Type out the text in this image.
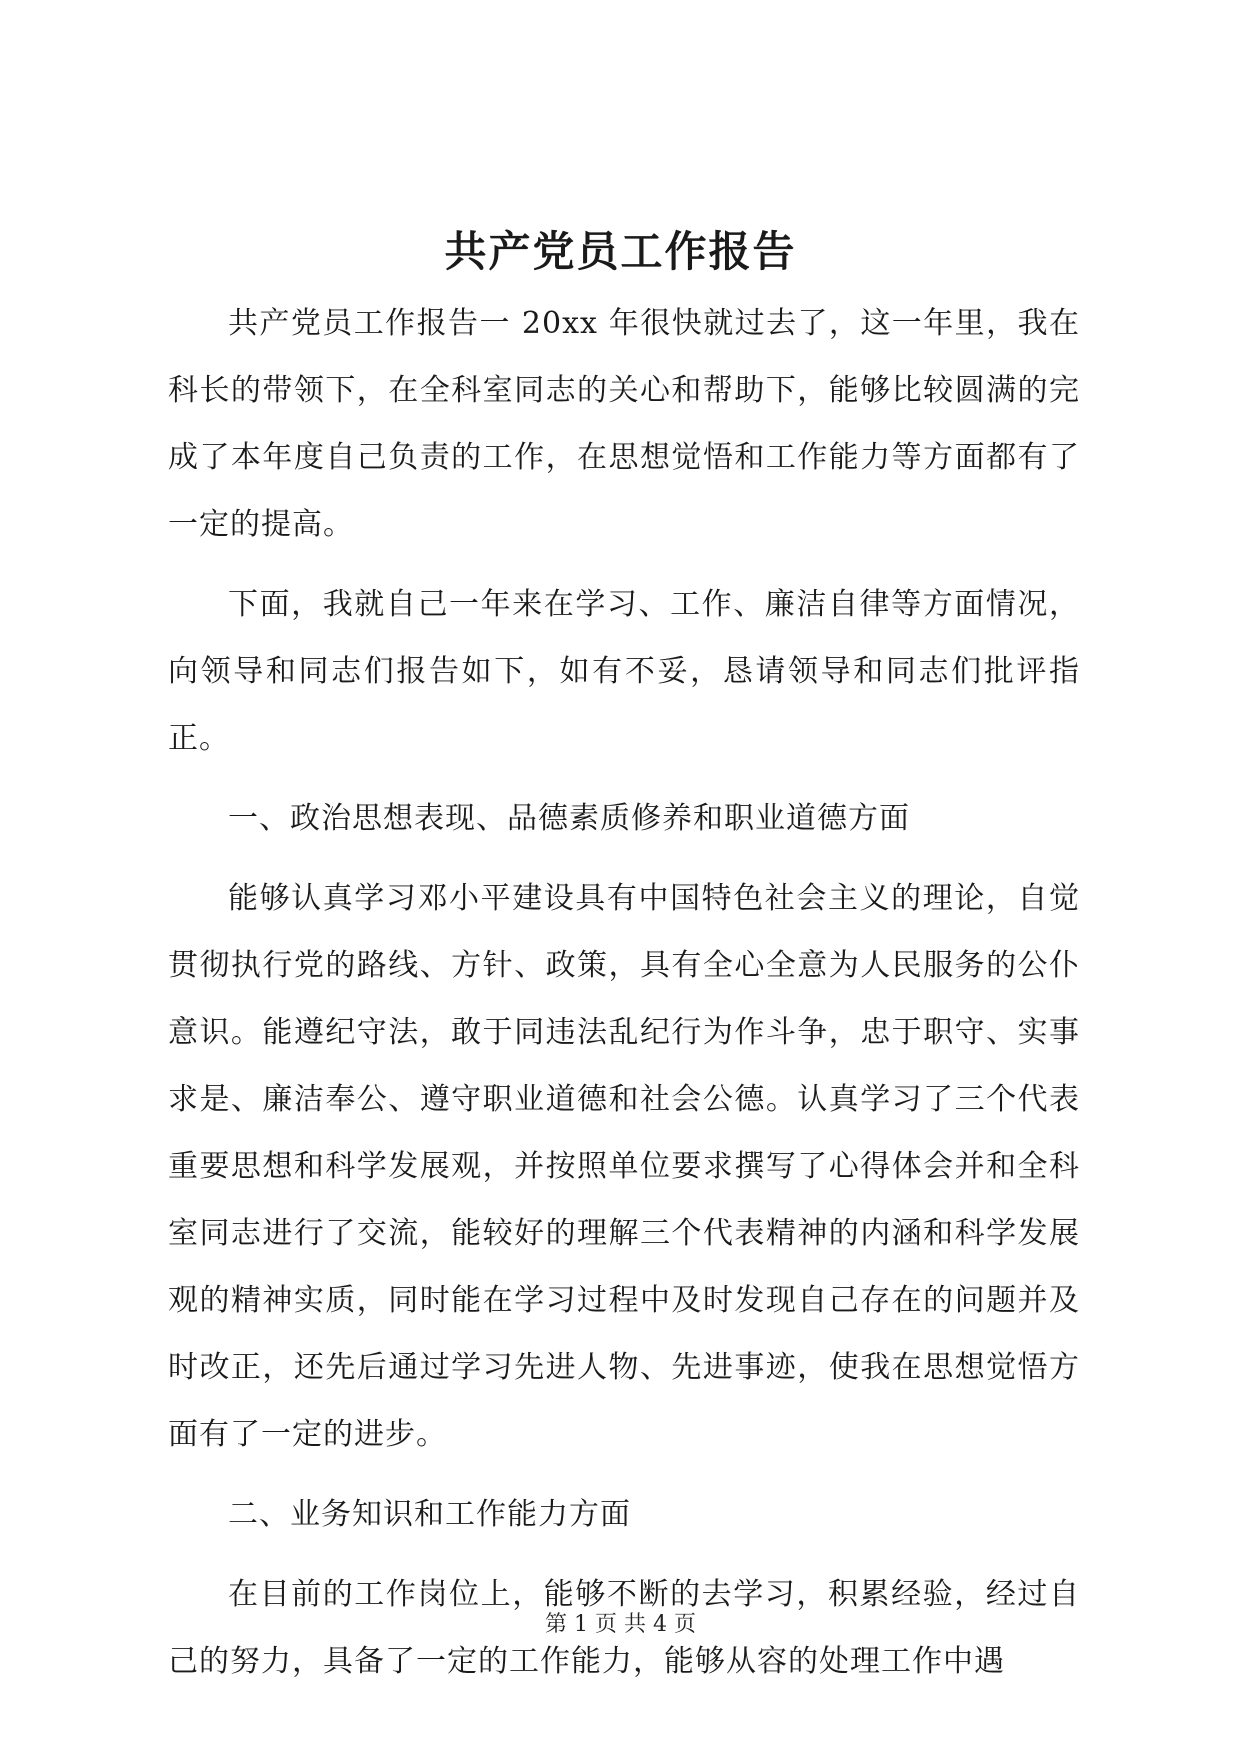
共产党员工作报告

共产党员工作报告一 20xx 年很快就过去了，这一年里，我在科长的带领下，在全科室同志的关心和帮助下，能够比较圆满的完成了本年度自己负责的工作，在思想觉悟和工作能力等方面都有了一定的提高。

下面，我就自己一年来在学习、工作、廉洁自律等方面情况，向领导和同志们报告如下，如有不妥，恳请领导和同志们批评指正。

一、政治思想表现、品德素质修养和职业道德方面

能够认真学习邓小平建设具有中国特色社会主义的理论，自觉贯彻执行党的路线、方针、政策，具有全心全意为人民服务的公仆意识。能遵纪守法，敢于同违法乱纪行为作斗争，忠于职守、实事求是、廉洁奉公、遵守职业道德和社会公德。认真学习了三个代表重要思想和科学发展观，并按照单位要求撰写了心得体会并和全科室同志进行了交流，能较好的理解三个代表精神的内涵和科学发展观的精神实质，同时能在学习过程中及时发现自己存在的问题并及时改正，还先后通过学习先进人物、先进事迹，使我在思想觉悟方面有了一定的进步。

二、业务知识和工作能力方面

在目前的工作岗位上，能够不断的去学习，积累经验，经过自己的努力，具备了一定的工作能力，能够从容的处理工作中遇

第 1 页 共 4 页
